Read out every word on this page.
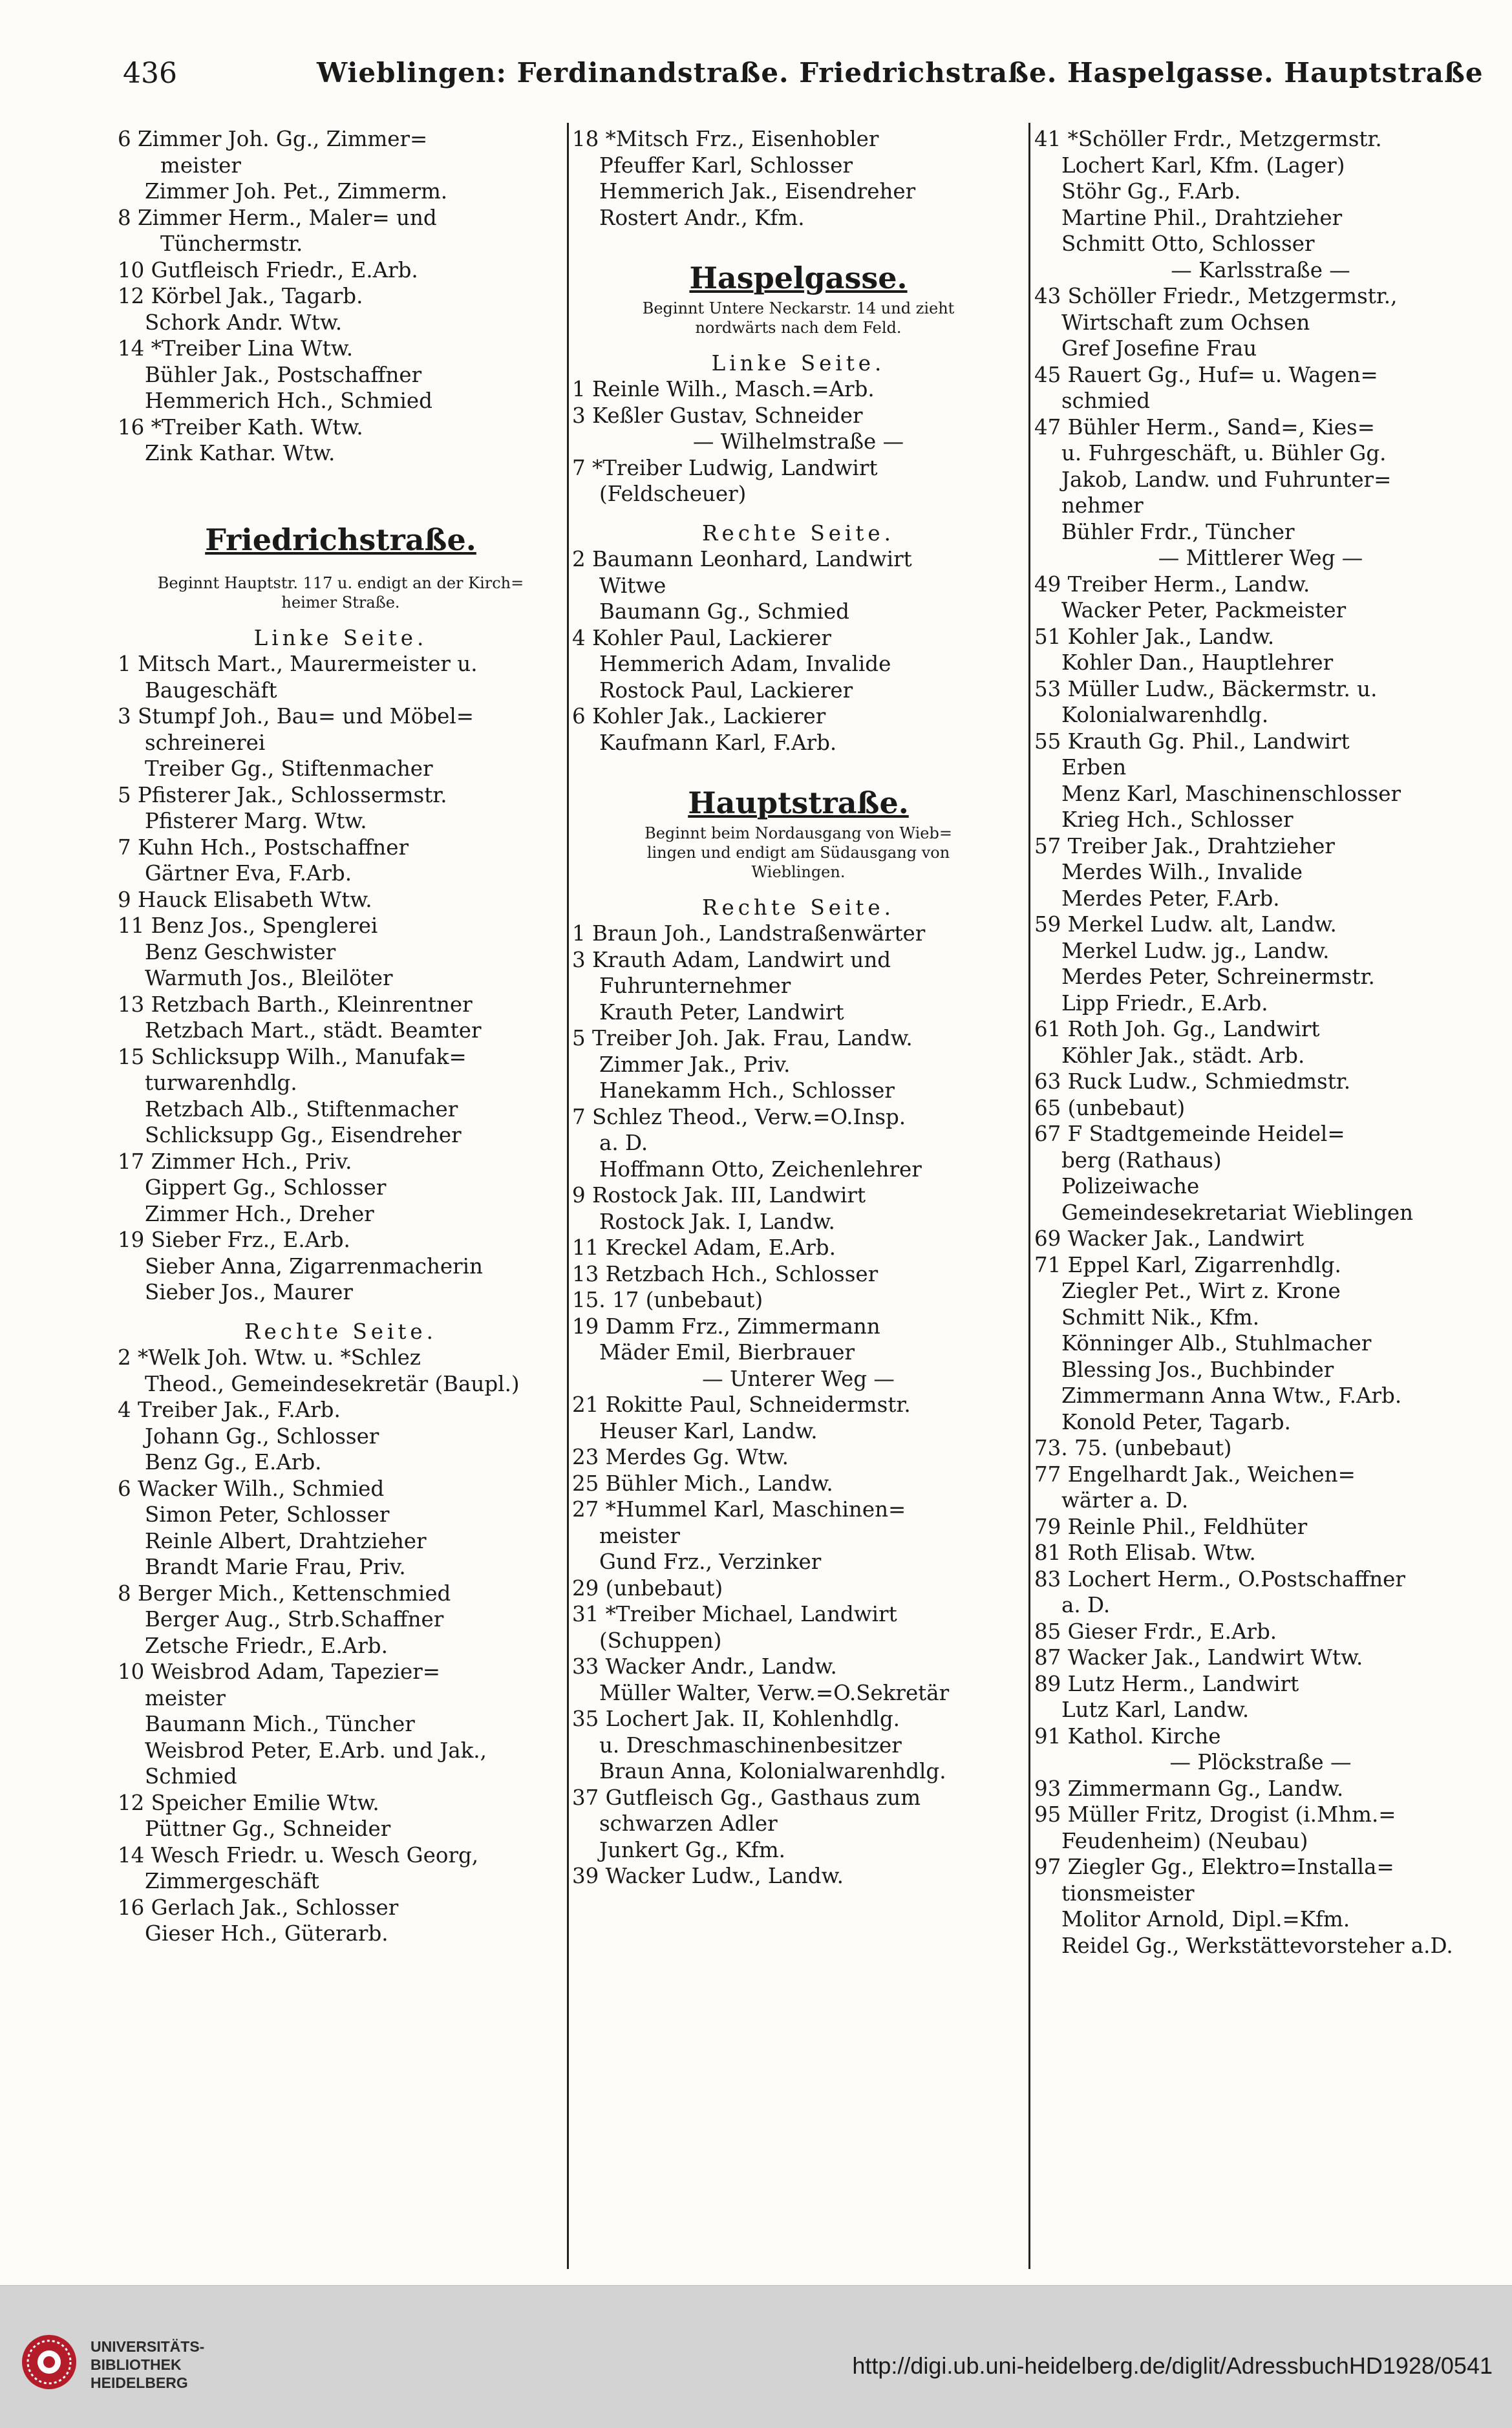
436	Wieblingen: Ferdinandstraße. Friedrichstraße. Haspelgasse. Hauptstraße
6 Zimmer Joh. Gg., Zimmer=
meister
Zimmer Joh. Pet., Zimmerm.
8 Zimmer Herm., Maler= und
Tünchermstr.
10 Gutfleisch Friedr., E.Arb.
12 Körbel Jak., Tagarb.
Schork Andr. Wtw.
14 *Treiber Lina Wtw.
Bühler Jak., Postschaffner
Hemmerich Hch., Schmied
16 *Treiber Kath. Wtw.
Zink Kathar. Wtw.
Friedrichstraße.
Beginnt Hauptstr. 117 u. endigt an der Kirch=
heimer Straße.
Linke Seite.
1 Mitsch Mart., Maurermeister u.
Baugeschäft
3 Stumpf Joh., Bau= und Möbel=
schreinerei
Treiber Gg., Stiftenmacher
5 Pfisterer Jak., Schlossermstr.
Pfisterer Marg. Wtw.
7 Kuhn Hch., Postschaffner
Gärtner Eva, F.Arb.
9 Hauck Elisabeth Wtw.
11 Benz Jos., Spenglerei
Benz Geschwister
Warmuth Jos., Bleilöter
13 Retzbach Barth., Kleinrentner
Retzbach Mart., städt. Beamter
15 Schlicksupp Wilh., Manufak=
turwarenhdlg.
Retzbach Alb., Stiftenmacher
Schlicksupp Gg., Eisendreher
17 Zimmer Hch., Priv.
Gippert Gg., Schlosser
Zimmer Hch., Dreher
19 Sieber Frz., E.Arb.
Sieber Anna, Zigarrenmacherin
Sieber Jos., Maurer
Rechte Seite.
2 *Welk Joh. Wtw. u. *Schlez
Theod., Gemeindesekretär (Baupl.)
4 Treiber Jak., F.Arb.
Johann Gg., Schlosser
Benz Gg., E.Arb.
6 Wacker Wilh., Schmied
Simon Peter, Schlosser
Reinle Albert, Drahtzieher
Brandt Marie Frau, Priv.
8 Berger Mich., Kettenschmied
Berger Aug., Strb.Schaffner
Zetsche Friedr., E.Arb.
10 Weisbrod Adam, Tapezier=
meister
Baumann Mich., Tüncher
Weisbrod Peter, E.Arb. und Jak.,
Schmied
12 Speicher Emilie Wtw.
Püttner Gg., Schneider
14 Wesch Friedr. u. Wesch Georg,
Zimmergeschäft
16 Gerlach Jak., Schlosser
Gieser Hch., Güterarb.
18 *Mitsch Frz., Eisenhobler
Pfeuffer Karl, Schlosser
Hemmerich Jak., Eisendreher
Rostert Andr., Kfm.
Haspelgasse.
Beginnt Untere Neckarstr. 14 und zieht
nordwärts nach dem Feld.
Linke Seite.
1 Reinle Wilh., Masch.=Arb.
3 Keßler Gustav, Schneider
— Wilhelmstraße —
7 *Treiber Ludwig, Landwirt
(Feldscheuer)
Rechte Seite.
2 Baumann Leonhard, Landwirt
Witwe
Baumann Gg., Schmied
4 Kohler Paul, Lackierer
Hemmerich Adam, Invalide
Rostock Paul, Lackierer
6 Kohler Jak., Lackierer
Kaufmann Karl, F.Arb.
Hauptstraße.
Beginnt beim Nordausgang von Wieb=
lingen und endigt am Südausgang von
Wieblingen.
Rechte Seite.
1 Braun Joh., Landstraßenwärter
3 Krauth Adam, Landwirt und
Fuhrunternehmer
Krauth Peter, Landwirt
5 Treiber Joh. Jak. Frau, Landw.
Zimmer Jak., Priv.
Hanekamm Hch., Schlosser
7 Schlez Theod., Verw.=O.Insp.
a. D.
Hoffmann Otto, Zeichenlehrer
9 Rostock Jak. III, Landwirt
Rostock Jak. I, Landw.
11 Kreckel Adam, E.Arb.
13 Retzbach Hch., Schlosser
15. 17 (unbebaut)
19 Damm Frz., Zimmermann
Mäder Emil, Bierbrauer
— Unterer Weg —
21 Rokitte Paul, Schneidermstr.
Heuser Karl, Landw.
23 Merdes Gg. Wtw.
25 Bühler Mich., Landw.
27 *Hummel Karl, Maschinen=
meister
Gund Frz., Verzinker
29 (unbebaut)
31 *Treiber Michael, Landwirt
(Schuppen)
33 Wacker Andr., Landw.
Müller Walter, Verw.=O.Sekretär
35 Lochert Jak. II, Kohlenhdlg.
u. Dreschmaschinenbesitzer
Braun Anna, Kolonialwarenhdlg.
37 Gutfleisch Gg., Gasthaus zum
schwarzen Adler
Junkert Gg., Kfm.
39 Wacker Ludw., Landw.
41 *Schöller Frdr., Metzgermstr.
Lochert Karl, Kfm. (Lager)
Stöhr Gg., F.Arb.
Martine Phil., Drahtzieher
Schmitt Otto, Schlosser
— Karlsstraße —
43 Schöller Friedr., Metzgermstr.,
Wirtschaft zum Ochsen
Gref Josefine Frau
45 Rauert Gg., Huf= u. Wagen=
schmied
47 Bühler Herm., Sand=, Kies=
u. Fuhrgeschäft, u. Bühler Gg.
Jakob, Landw. und Fuhrunter=
nehmer
Bühler Frdr., Tüncher
— Mittlerer Weg —
49 Treiber Herm., Landw.
Wacker Peter, Packmeister
51 Kohler Jak., Landw.
Kohler Dan., Hauptlehrer
53 Müller Ludw., Bäckermstr. u.
Kolonialwarenhdlg.
55 Krauth Gg. Phil., Landwirt
Erben
Menz Karl, Maschinenschlosser
Krieg Hch., Schlosser
57 Treiber Jak., Drahtzieher
Merdes Wilh., Invalide
Merdes Peter, F.Arb.
59 Merkel Ludw. alt, Landw.
Merkel Ludw. jg., Landw.
Merdes Peter, Schreinermstr.
Lipp Friedr., E.Arb.
61 Roth Joh. Gg., Landwirt
Köhler Jak., städt. Arb.
63 Ruck Ludw., Schmiedmstr.
65 (unbebaut)
67 F Stadtgemeinde Heidel=
berg (Rathaus)
Polizeiwache
Gemeindesekretariat Wieblingen
69 Wacker Jak., Landwirt
71 Eppel Karl, Zigarrenhdlg.
Ziegler Pet., Wirt z. Krone
Schmitt Nik., Kfm.
Könninger Alb., Stuhlmacher
Blessing Jos., Buchbinder
Zimmermann Anna Wtw., F.Arb.
Konold Peter, Tagarb.
73. 75. (unbebaut)
77 Engelhardt Jak., Weichen=
wärter a. D.
79 Reinle Phil., Feldhüter
81 Roth Elisab. Wtw.
83 Lochert Herm., O.Postschaffner
a. D.
85 Gieser Frdr., E.Arb.
87 Wacker Jak., Landwirt Wtw.
89 Lutz Herm., Landwirt
Lutz Karl, Landw.
91 Kathol. Kirche
— Plöckstraße —
93 Zimmermann Gg., Landw.
95 Müller Fritz, Drogist (i.Mhm.=
Feudenheim) (Neubau)
97 Ziegler Gg., Elektro=Installa=
tionsmeister
Molitor Arnold, Dipl.=Kfm.
Reidel Gg., Werkstättevorsteher a.D.
UNIVERSITÄTS-
BIBLIOTHEK
HEIDELBERG
http://digi.ub.uni-heidelberg.de/diglit/AdressbuchHD1928/0541
